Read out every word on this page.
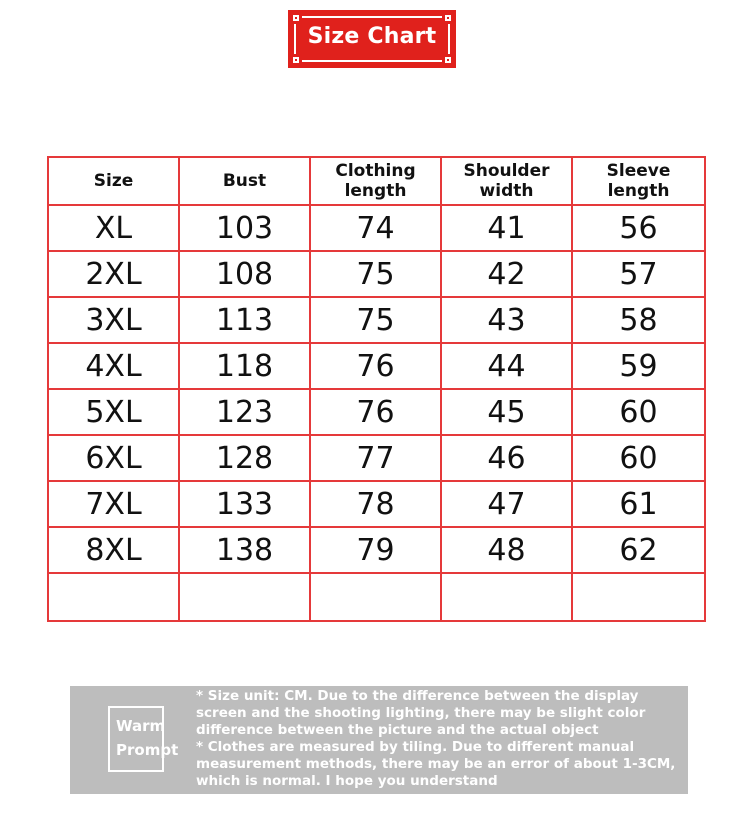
Size Chart
Size	Bust	Clothing length	Shoulder width	Sleeve length
XL	103	74	41	56
2XL	108	75	42	57
3XL	113	75	43	58
4XL	118	76	44	59
5XL	123	76	45	60
6XL	128	77	46	60
7XL	133	78	47	61
8XL	138	79	48	62

Warm Prompt

* Size unit: CM. Due to the difference between the display screen and the shooting lighting, there may be slight color difference between the picture and the actual object

* Clothes are measured by tiling. Due to different manual measurement methods, there may be an error of about 1-3CM, which is normal. I hope you understand
